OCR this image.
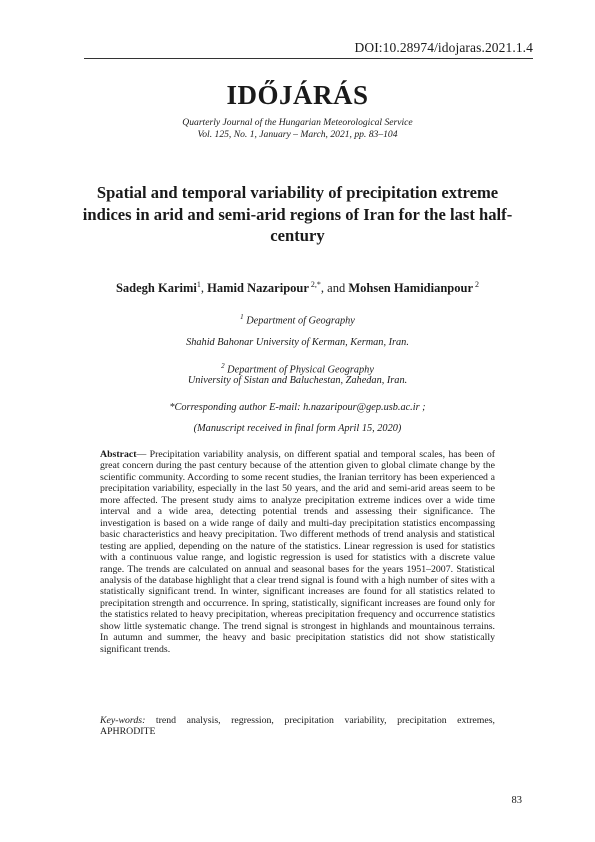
DOI:10.28974/idojaras.2021.1.4
IDŐJÁRÁS
Quarterly Journal of the Hungarian Meteorological Service
Vol. 125, No. 1, January – March, 2021, pp. 83–104
Spatial and temporal variability of precipitation extreme indices in arid and semi-arid regions of Iran for the last half-century
Sadegh Karimi$^1$, Hamid Nazaripour $^{2,*}$, and Mohsen Hamidianpour $^2$
$^1$ Department of Geography
Shahid Bahonar University of Kerman, Kerman, Iran.
$^2$ Department of Physical Geography
University of Sistan and Baluchestan, Zahedan, Iran.
*Corresponding author E-mail: h.nazaripour@gep.usb.ac.ir ;
(Manuscript received in final form April 15, 2020)
Abstract— Precipitation variability analysis, on different spatial and temporal scales, has been of great concern during the past century because of the attention given to global climate change by the scientific community. According to some recent studies, the Iranian territory has been experienced a precipitation variability, especially in the last 50 years, and the arid and semi-arid areas seem to be more affected. The present study aims to analyze precipitation extreme indices over a wide time interval and a wide area, detecting potential trends and assessing their significance. The investigation is based on a wide range of daily and multi-day precipitation statistics encompassing basic characteristics and heavy precipitation. Two different methods of trend analysis and statistical testing are applied, depending on the nature of the statistics. Linear regression is used for statistics with a continuous value range, and logistic regression is used for statistics with a discrete value range. The trends are calculated on annual and seasonal bases for the years 1951–2007. Statistical analysis of the database highlight that a clear trend signal is found with a high number of sites with a statistically significant trend. In winter, significant increases are found for all statistics related to precipitation strength and occurrence. In spring, statistically, significant increases are found only for the statistics related to heavy precipitation, whereas precipitation frequency and occurrence statistics show little systematic change. The trend signal is strongest in highlands and mountainous terrains. In autumn and summer, the heavy and basic precipitation statistics did not show statistically significant trends.
Key-words: trend analysis, regression, precipitation variability, precipitation extremes, APHRODITE
83
